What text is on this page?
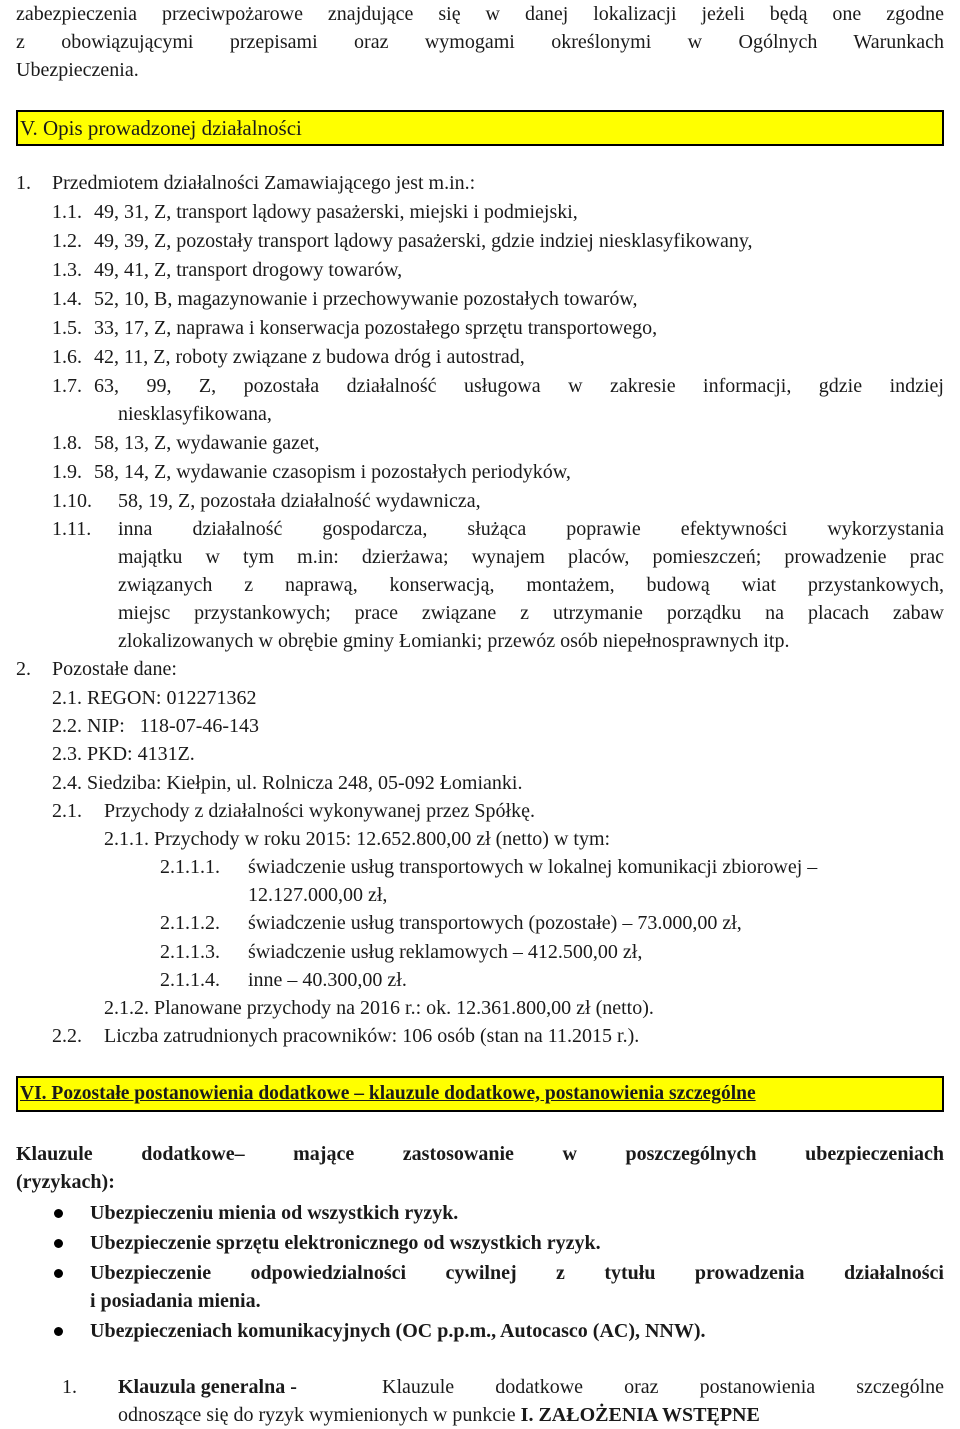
zabezpieczenia przeciwpożarowe znajdujące się w danej lokalizacji jeżeli będą one zgodne
z obowiązującymi przepisami oraz wymogami określonymi w Ogólnych Warunkach
Ubezpieczenia.
V. Opis prowadzonej działalności
1. Przedmiotem działalności Zamawiającego jest m.in.:
1.1. 49, 31, Z, transport lądowy pasażerski, miejski i podmiejski,
1.2. 49, 39, Z, pozostały transport lądowy pasażerski, gdzie indziej niesklasyfikowany,
1.3. 49, 41, Z, transport drogowy towarów,
1.4. 52, 10, B, magazynowanie i przechowywanie pozostałych towarów,
1.5. 33, 17, Z, naprawa i konserwacja pozostałego sprzętu transportowego,
1.6. 42, 11, Z, roboty związane z budowa dróg i autostrad,
1.7. 63, 99, Z, pozostała działalność usługowa w zakresie informacji, gdzie indziej
niesklasyfikowana,
1.8. 58, 13, Z, wydawanie gazet,
1.9. 58, 14, Z, wydawanie czasopism i pozostałych periodyków,
1.10. 58, 19, Z, pozostała działalność wydawnicza,
1.11. inna działalność gospodarcza, służąca poprawie efektywności wykorzystania
majątku w tym m.in: dzierżawa; wynajem placów, pomieszczeń; prowadzenie prac
związanych z naprawą, konserwacją, montażem, budową wiat przystankowych,
miejsc przystankowych; prace związane z utrzymanie porządku na placach zabaw
zlokalizowanych w obrębie gminy Łomianki; przewóz osób niepełnosprawnych itp.
2. Pozostałe dane:
2.1. REGON: 012271362
2.2. NIP:   118-07-46-143
2.3. PKD: 4131Z.
2.4. Siedziba: Kiełpin, ul. Rolnicza 248, 05-092 Łomianki.
2.1. Przychody z działalności wykonywanej przez Spółkę.
2.1.1. Przychody w roku 2015: 12.652.800,00 zł (netto) w tym:
2.1.1.1. świadczenie usług transportowych w lokalnej komunikacji zbiorowej –
12.127.000,00 zł,
2.1.1.2. świadczenie usług transportowych (pozostałe) – 73.000,00 zł,
2.1.1.3. świadczenie usług reklamowych – 412.500,00 zł,
2.1.1.4. inne – 40.300,00 zł.
2.1.2. Planowane przychody na 2016 r.: ok. 12.361.800,00 zł (netto).
2.2. Liczba zatrudnionych pracowników: 106 osób (stan na 11.2015 r.).
VI. Pozostałe postanowienia dodatkowe – klauzule dodatkowe, postanowienia szczególne
Klauzule dodatkowe– mające zastosowanie w poszczególnych ubezpieczeniach
(ryzykach):
Ubezpieczeniu mienia od wszystkich ryzyk.
Ubezpieczenie sprzętu elektronicznego od wszystkich ryzyk.
Ubezpieczenie odpowiedzialności cywilnej z tytułu prowadzenia działalności
i posiadania mienia.
Ubezpieczeniach komunikacyjnych (OC p.p.m., Autocasco (AC), NNW).
1. Klauzula generalna -	Klauzule dodatkowe oraz postanowienia szczególne
odnoszące się do ryzyk wymienionych w punkcie I. ZAŁOŻENIA WSTĘPNE
